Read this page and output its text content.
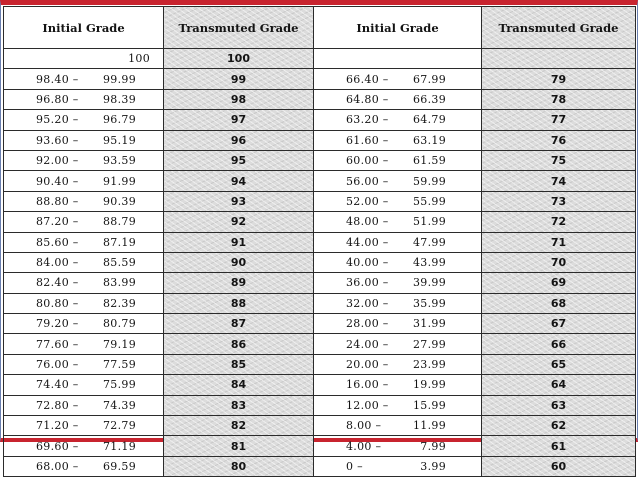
Initial Grade	Transmuted Grade	Initial Grade	Transmuted Grade
100	100		
98.40 – 99.99	99	66.40 – 67.99	79
96.80 – 98.39	98	64.80 – 66.39	78
95.20 – 96.79	97	63.20 – 64.79	77
93.60 – 95.19	96	61.60 – 63.19	76
92.00 – 93.59	95	60.00 – 61.59	75
90.40 – 91.99	94	56.00 – 59.99	74
88.80 – 90.39	93	52.00 – 55.99	73
87.20 – 88.79	92	48.00 – 51.99	72
85.60 – 87.19	91	44.00 – 47.99	71
84.00 – 85.59	90	40.00 – 43.99	70
82.40 – 83.99	89	36.00 – 39.99	69
80.80 – 82.39	88	32.00 – 35.99	68
79.20 – 80.79	87	28.00 – 31.99	67
77.60 – 79.19	86	24.00 – 27.99	66
76.00 – 77.59	85	20.00 – 23.99	65
74.40 – 75.99	84	16.00 – 19.99	64
72.80 – 74.39	83	12.00 – 15.99	63
71.20 – 72.79	82	8.00 – 11.99	62
69.60 – 71.19	81	4.00 – 7.99	61
68.00 – 69.59	80	0 – 3.99	60
